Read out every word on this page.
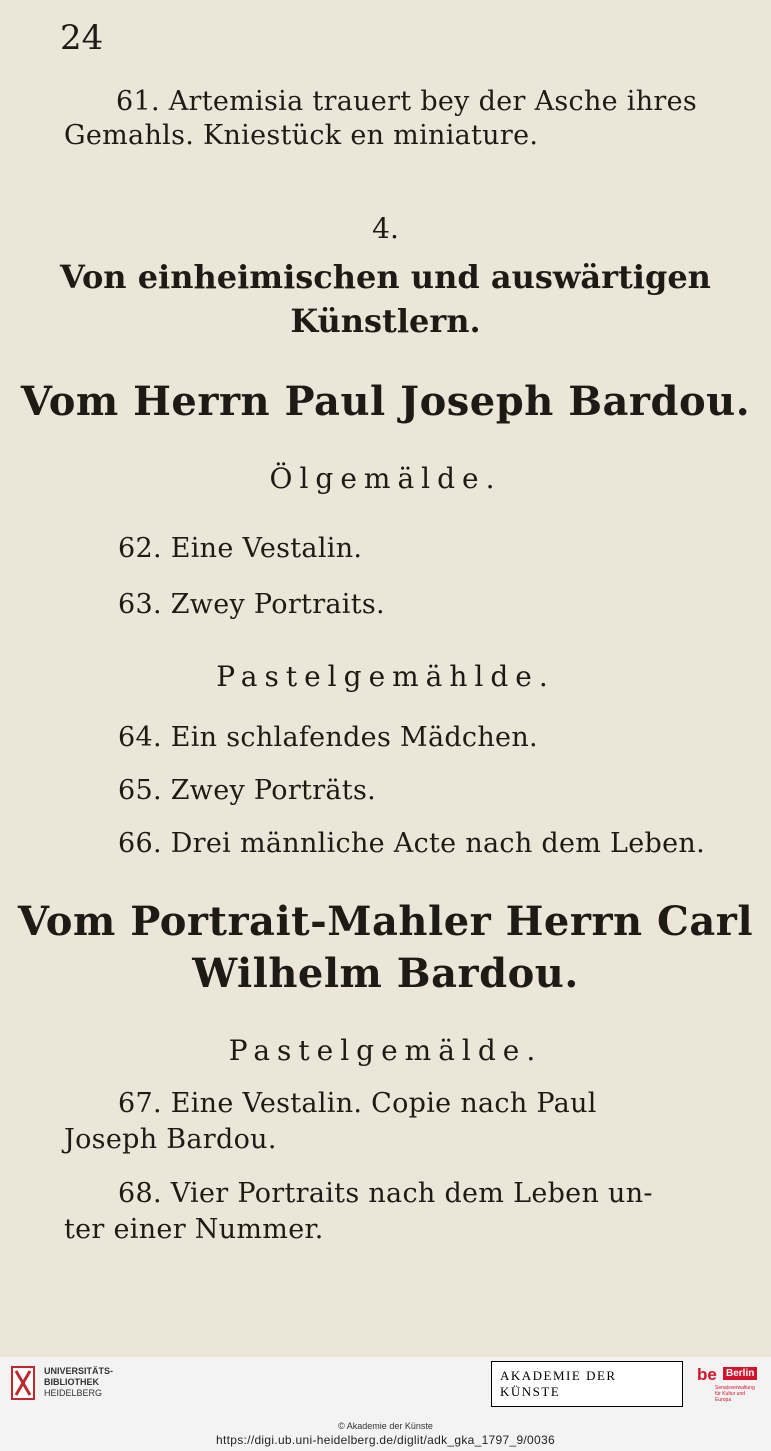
24
61. Artemisia trauert bey der Asche ihres
Gemahls. Kniestück en miniature.
4.
Von einheimischen und auswärtigen
Künstlern.
Vom Herrn Paul Joseph Bardou.
Ölgemälde.
62. Eine Vestalin.
63. Zwey Portraits.
Pastelgemählde.
64. Ein schlafendes Mädchen.
65. Zwey Porträts.
66. Drei männliche Acte nach dem Leben.
Vom Portrait-Mahler Herrn Carl
Wilhelm Bardou.
Pastelgemälde.
67. Eine Vestalin. Copie nach Paul
Joseph Bardou.
68. Vier Portraits nach dem Leben un-
ter einer Nummer.
UNIVERSITÄTS-
BIBLIOTHEK
HEIDELBERG
AKADEMIE DER KÜNSTE
be Berlin
Senatsverwaltung für Kultur und Europa
© Akademie der Künste
https://digi.ub.uni-heidelberg.de/diglit/adk_gka_1797_9/0036
